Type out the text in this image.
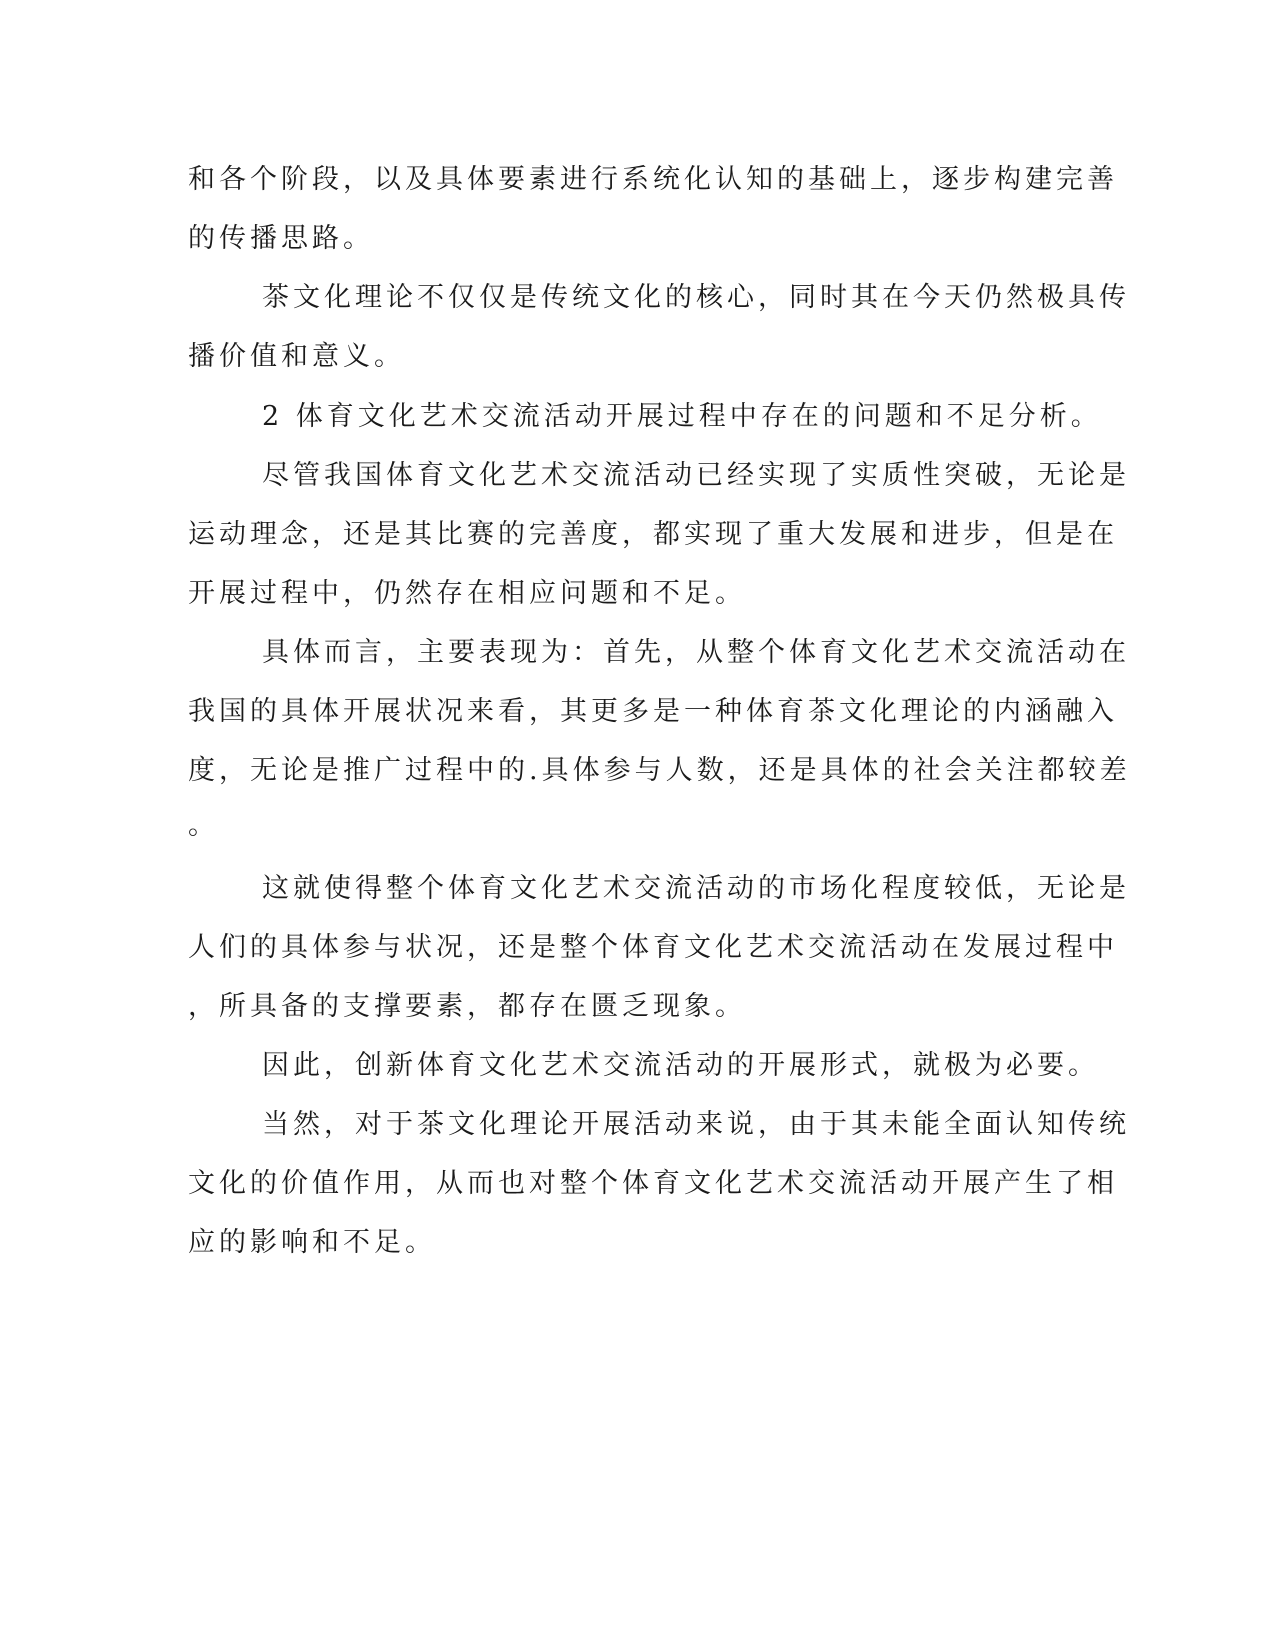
和各个阶段，以及具体要素进行系统化认知的基础上，逐步构建完善
的传播思路。
茶文化理论不仅仅是传统文化的核心，同时其在今天仍然极具传
播价值和意义。
2 体育文化艺术交流活动开展过程中存在的问题和不足分析。
尽管我国体育文化艺术交流活动已经实现了实质性突破，无论是
运动理念，还是其比赛的完善度，都实现了重大发展和进步，但是在
开展过程中，仍然存在相应问题和不足。
具体而言，主要表现为：首先，从整个体育文化艺术交流活动在
我国的具体开展状况来看，其更多是一种体育茶文化理论的内涵融入
度，无论是推广过程中的.具体参与人数，还是具体的社会关注都较差
。
这就使得整个体育文化艺术交流活动的市场化程度较低，无论是
人们的具体参与状况，还是整个体育文化艺术交流活动在发展过程中
，所具备的支撑要素，都存在匮乏现象。
因此，创新体育文化艺术交流活动的开展形式，就极为必要。
当然，对于茶文化理论开展活动来说，由于其未能全面认知传统
文化的价值作用，从而也对整个体育文化艺术交流活动开展产生了相
应的影响和不足。
